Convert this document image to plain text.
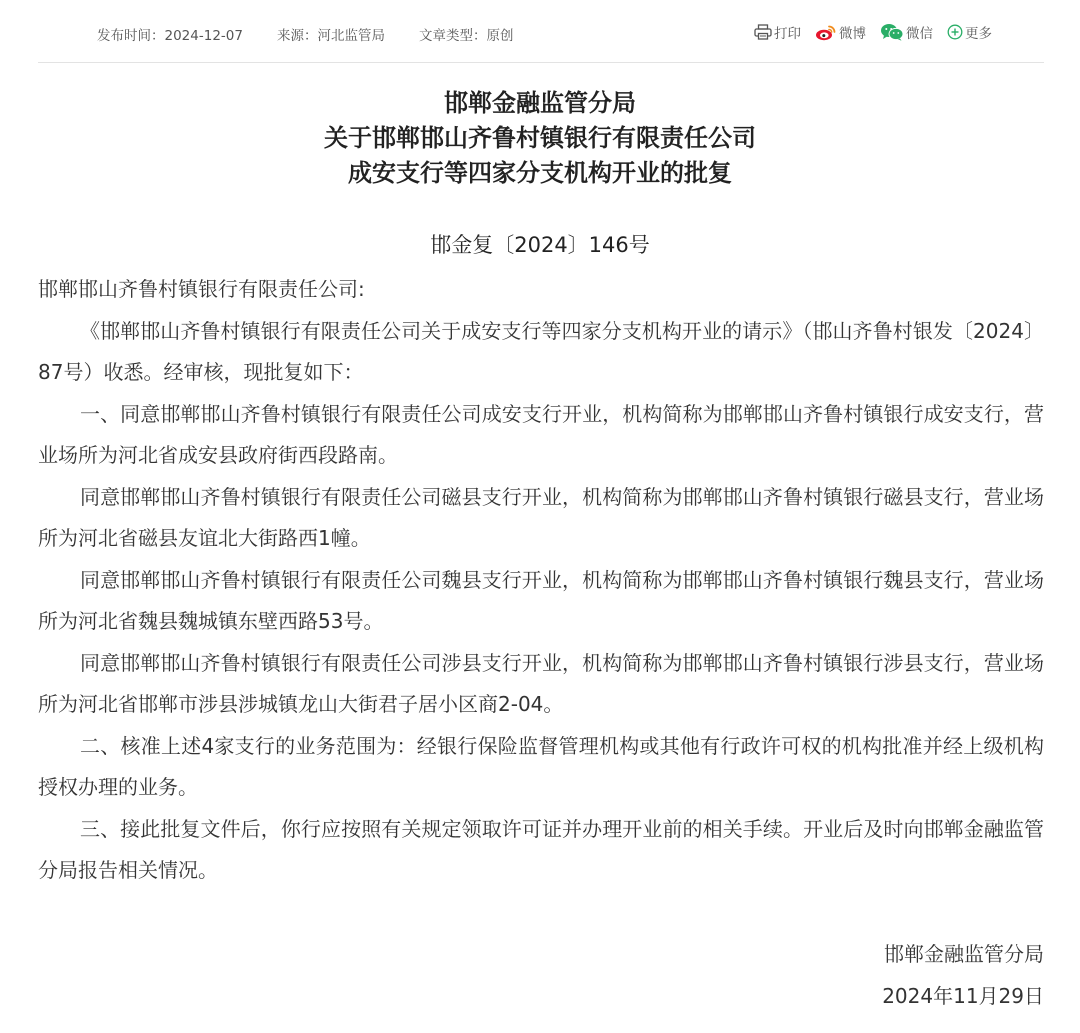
发布时间：2024-12-07	来源：河北监管局	文章类型：原创	打印	微博	微信 更多
邯郸金融监管分局
关于邯郸邯山齐鲁村镇银行有限责任公司
成安支行等四家分支机构开业的批复
邯金复〔2024〕146号

邯郸邯山齐鲁村镇银行有限责任公司:

《邯郸邯山齐鲁村镇银行有限责任公司关于成安支行等四家分支机构开业的请示》（邯山齐鲁村银发〔2024〕87号）收悉。经审核，现批复如下：

一、同意邯郸邯山齐鲁村镇银行有限责任公司成安支行开业，机构简称为邯郸邯山齐鲁村镇银行成安支行，营业场所为河北省成安县政府街西段路南。

同意邯郸邯山齐鲁村镇银行有限责任公司磁县支行开业，机构简称为邯郸邯山齐鲁村镇银行磁县支行，营业场所为河北省磁县友谊北大街路西1幢。

同意邯郸邯山齐鲁村镇银行有限责任公司魏县支行开业，机构简称为邯郸邯山齐鲁村镇银行魏县支行，营业场所为河北省魏县魏城镇东壁西路53号。

同意邯郸邯山齐鲁村镇银行有限责任公司涉县支行开业，机构简称为邯郸邯山齐鲁村镇银行涉县支行，营业场所为河北省邯郸市涉县涉城镇龙山大街君子居小区商2-04。

二、核准上述4家支行的业务范围为：经银行保险监督管理机构或其他有行政许可权的机构批准并经上级机构授权办理的业务。

三、接此批复文件后，你行应按照有关规定领取许可证并办理开业前的相关手续。开业后及时向邯郸金融监管分局报告相关情况。

邯郸金融监管分局
2024年11月29日
